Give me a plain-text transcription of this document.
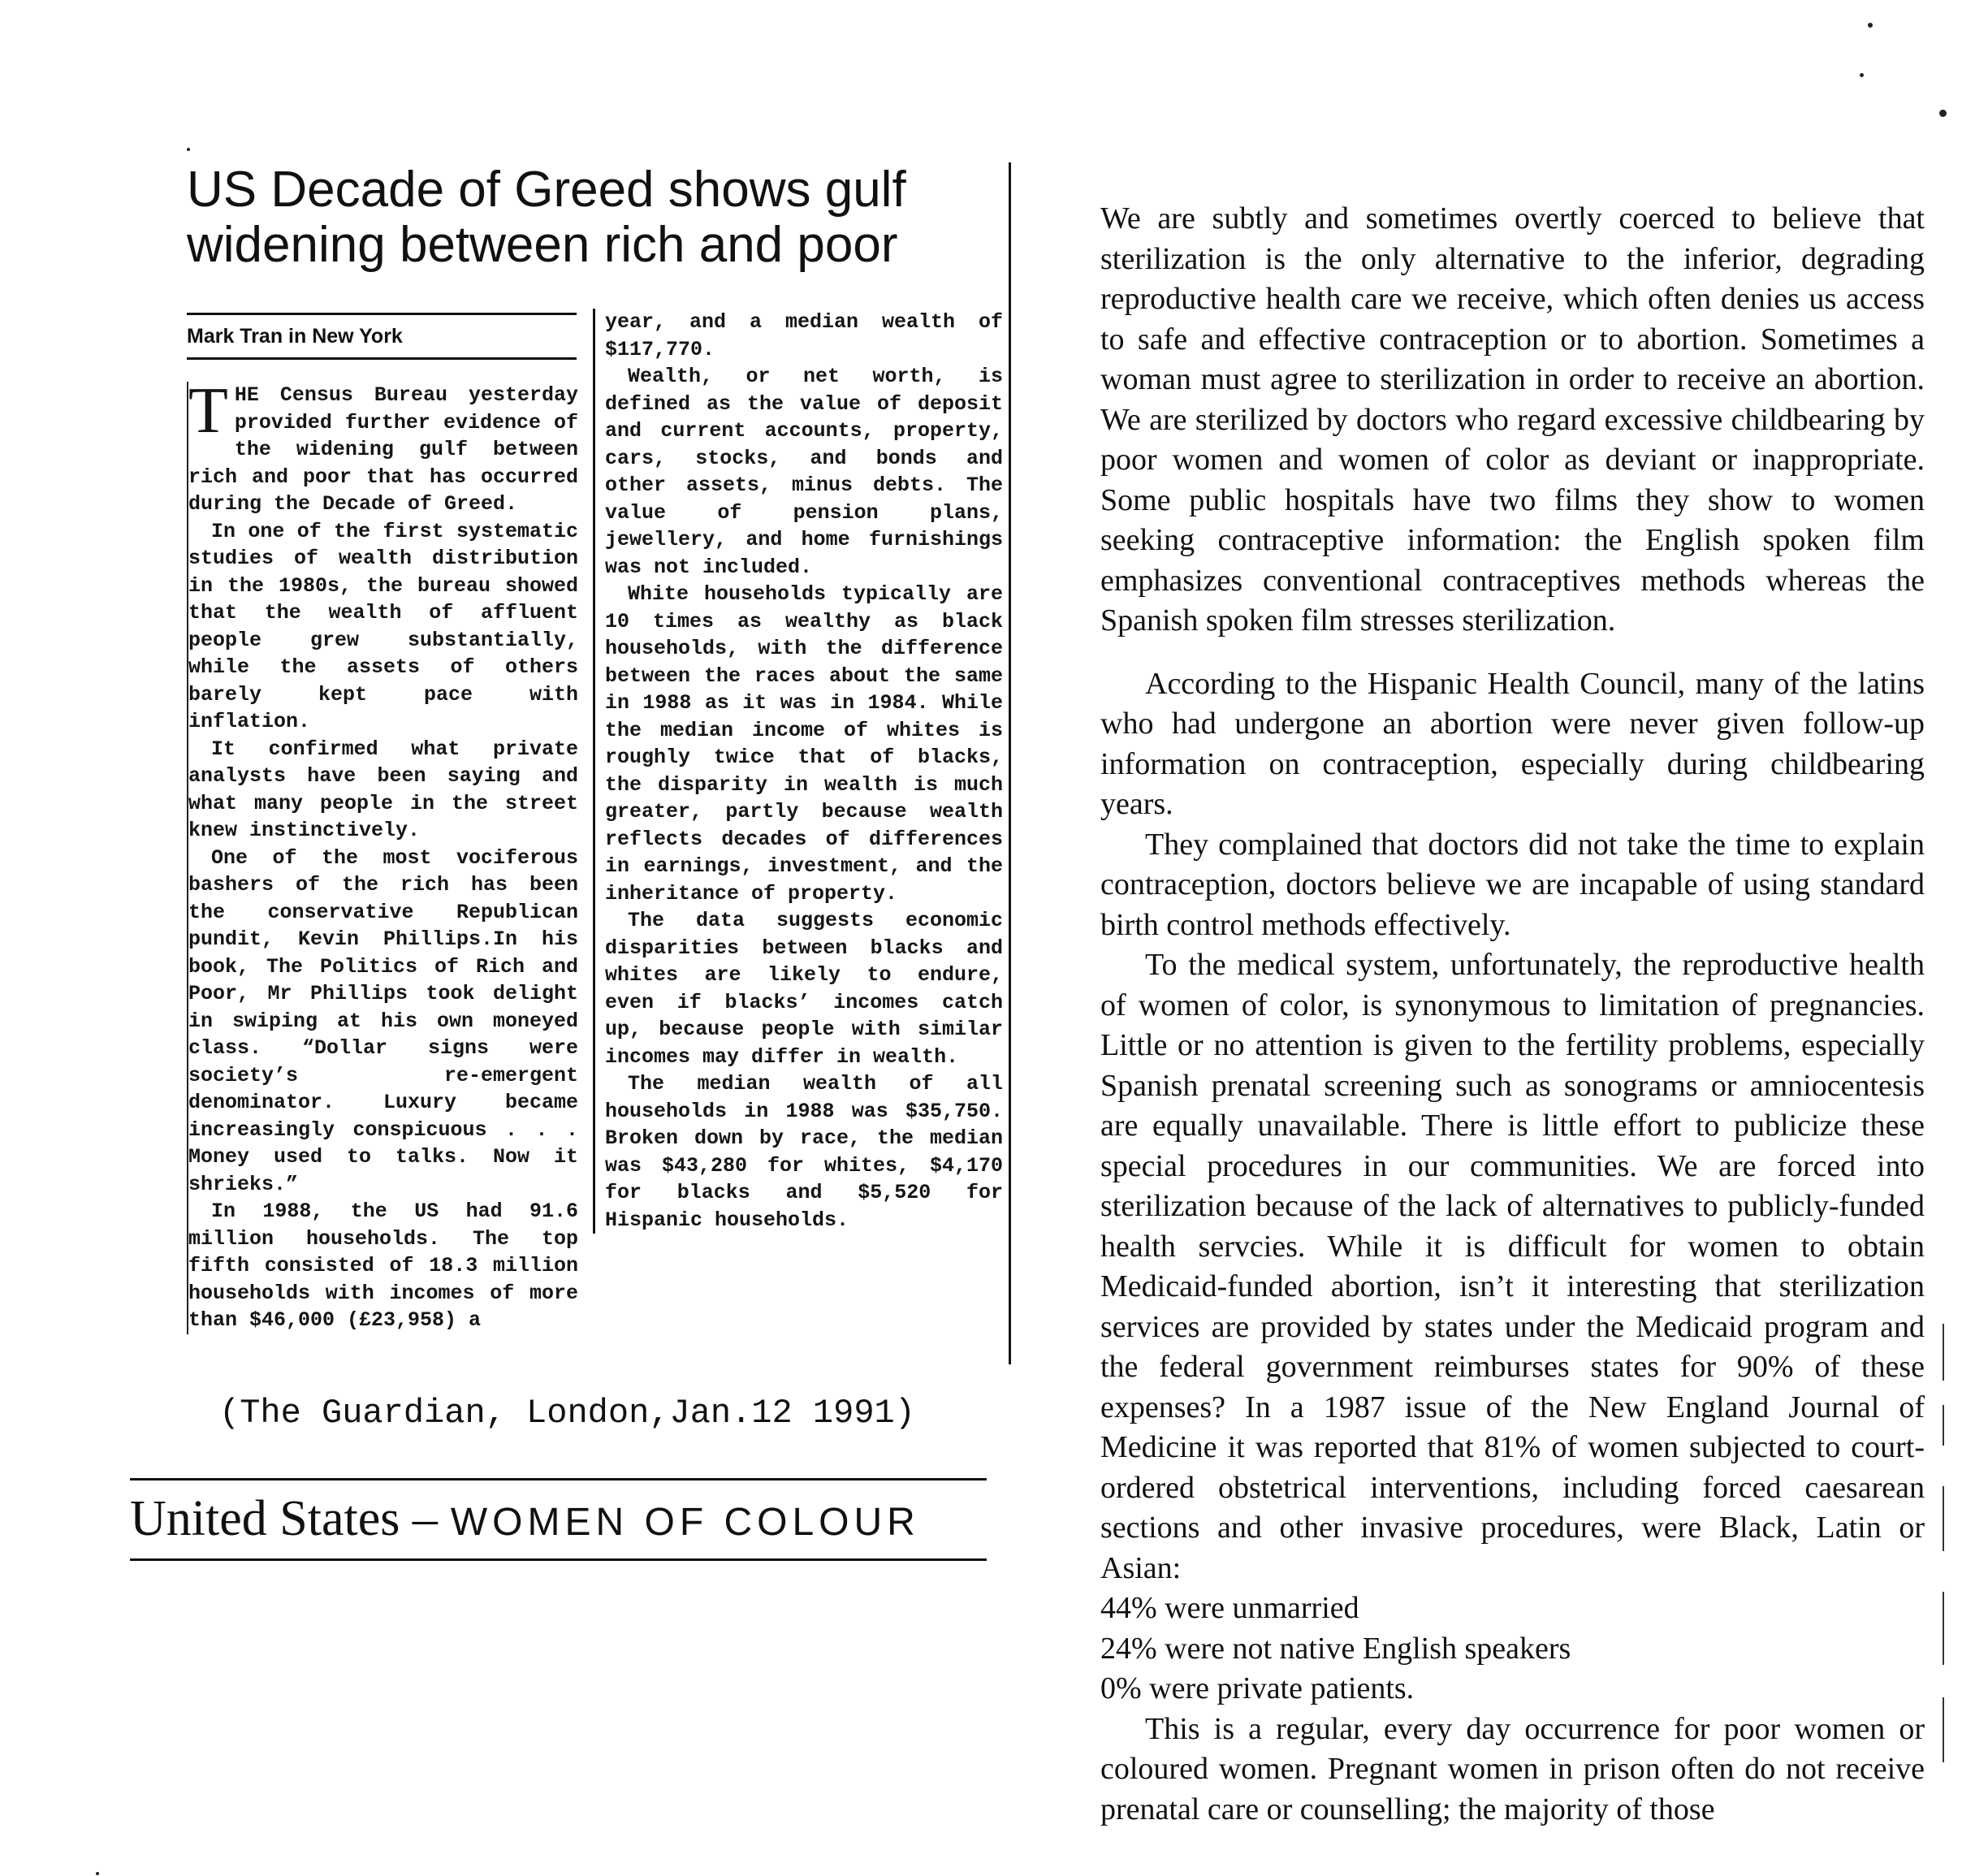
US Decade of Greed shows gulf
widening between rich and poor
Mark Tran in New York

THE Census Bureau yesterday provided further evidence of the widening gulf between rich and poor that has occurred during the Decade of Greed.

In one of the first systematic studies of wealth distribution in the 1980s, the bureau showed that the wealth of affluent people grew substantially, while the assets of others barely kept pace with inflation.

It confirmed what private analysts have been saying and what many people in the street knew instinctively.

One of the most vociferous bashers of the rich has been the conservative Republican pundit, Kevin Phillips.In his book, The Politics of Rich and Poor, Mr Phillips took delight in swiping at his own moneyed class. “Dollar signs were society’s re-emergent denominator. Luxury became increasingly conspicuous . . . Money used to talks. Now it shrieks.”

In 1988, the US had 91.6 million households. The top fifth consisted of 18.3 million households with incomes of more than $46,000 (£23,958) a

year, and a median wealth of $117,770.

Wealth, or net worth, is defined as the value of deposit and current accounts, property, cars, stocks, and bonds and other assets, minus debts. The value of pension plans, jewellery, and home furnishings was not included.

White households typically are 10 times as wealthy as black households, with the difference between the races about the same in 1988 as it was in 1984. While the median income of whites is roughly twice that of blacks, the disparity in wealth is much greater, partly because wealth reflects decades of differences in earnings, investment, and the inheritance of property.

The data suggests economic disparities between blacks and whites are likely to endure, even if blacks’ incomes catch up, because people with similar incomes may differ in wealth.

The median wealth of all households in 1988 was $35,750. Broken down by race, the median was $43,280 for whites, $4,170 for blacks and $5,520 for Hispanic households.

(The Guardian, London,Jan.12 1991)
United States – WOMEN OF COLOUR

We are subtly and sometimes overtly coerced to believe that sterilization is the only alternative to the inferior, degrading reproductive health care we receive, which often denies us access to safe and effective contraception or to abortion. Sometimes a woman must agree to sterilization in order to receive an abortion. We are sterilized by doctors who regard excessive childbearing by poor women and women of color as deviant or inappropriate. Some public hospitals have two films they show to women seeking contraceptive information: the English spoken film emphasizes conventional contraceptives methods whereas the Spanish spoken film stresses sterilization.

According to the Hispanic Health Council, many of the latins who had undergone an abortion were never given follow-up information on contraception, especially during childbearing years.

They complained that doctors did not take the time to explain contraception, doctors believe we are incapable of using standard birth control methods effectively.

To the medical system, unfortunately, the reproductive health of women of color, is synonymous to limitation of pregnancies. Little or no attention is given to the fertility problems, especially Spanish prenatal screening such as sonograms or amniocentesis are equally unavailable. There is little effort to publicize these special procedures in our communities. We are forced into sterilization because of the lack of alternatives to publicly-funded health servcies. While it is difficult for women to obtain Medicaid-funded abortion, isn’t it interesting that sterilization services are provided by states under the Medicaid program and the federal government reimburses states for 90% of these expenses? In a 1987 issue of the New England Journal of Medicine it was reported that 81% of women subjected to court-ordered obstetrical interventions, including forced caesarean sections and other invasive procedures, were Black, Latin or Asian:

44% were unmarried
24% were not native English speakers
0% were private patients.

This is a regular, every day occurrence for poor women or coloured women. Pregnant women in prison often do not receive prenatal care or counselling; the majority of those
